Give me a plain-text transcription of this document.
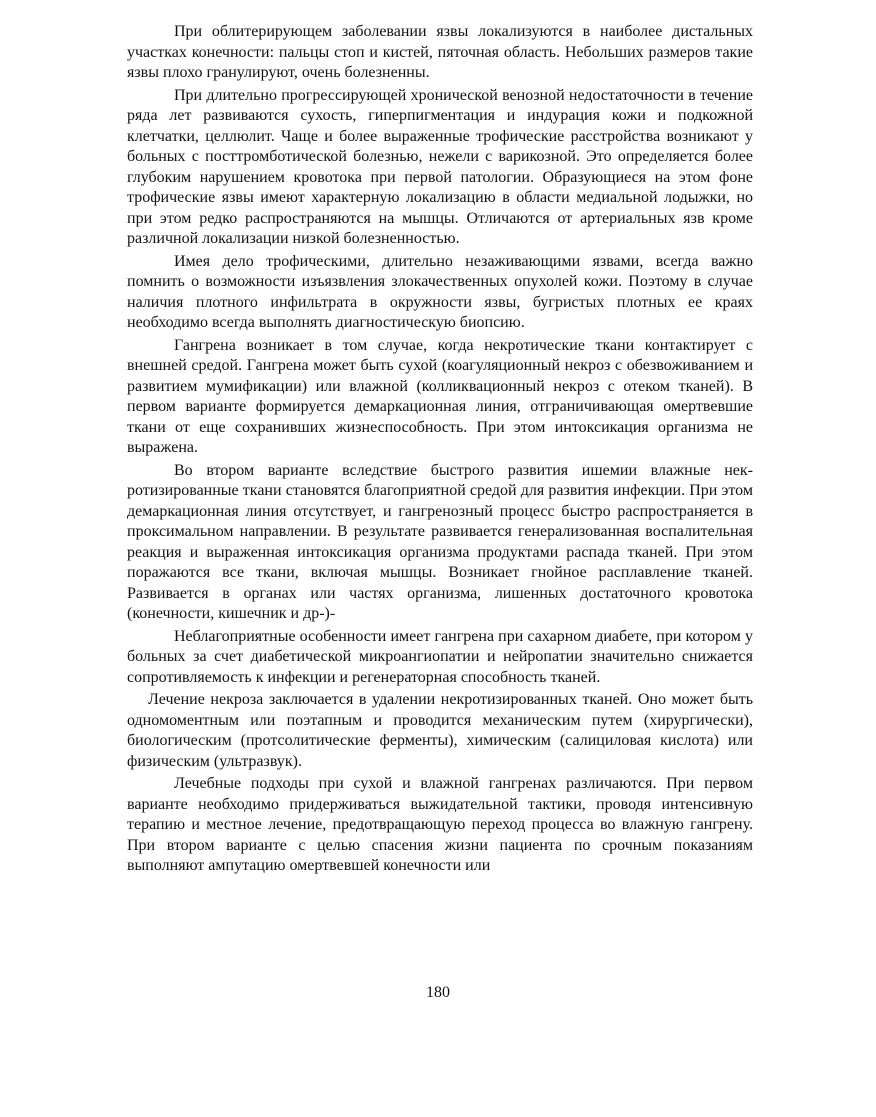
При облитерирующем заболевании язвы локализуются в наиболее дистальных участках конечности: пальцы стоп и кистей, пяточная область. Небольших размеров такие язвы плохо гранулируют, очень болезненны.

При длительно прогрессирующей хронической венозной недостаточности в течение ряда лет развиваются сухость, гиперпигментация и индурация кожи и подкожной клетчатки, целлюлит. Чаще и более выраженные трофические расстройства возникают у больных с посттромботической болезнью, нежели с варикозной. Это определяется более глубоким нарушением кровотока при первой патологии. Образующиеся на этом фоне трофические язвы имеют характерную локализацию в области медиальной лодыжки, но при этом редко распространяются на мышцы. Отличаются от артериальных язв кроме различной локализации низкой болезненностью.

Имея дело трофическими, длительно незаживающими язвами, всегда важно помнить о возможности изъязвления злокачественных опухолей кожи. Поэтому в случае наличия плотного инфильтрата в окружности язвы, бугристых плотных ее краях необходимо всегда выполнять диагностическую биопсию.

Гангрена возникает в том случае, когда некротические ткани контактирует с внешней средой. Гангрена может быть сухой (коагуляционный некроз с обезвоживанием и развитием мумификации) или влажной (колликвационный некроз с отеком тканей). В первом варианте формируется демаркационная линия, отграничивающая омертвевшие ткани от еще сохранивших жизнеспособность. При этом интоксикация организма не выражена.

Во втором варианте вследствие быстрого развития ишемии влажные некротизированные ткани становятся благоприятной средой для развития инфекции. При этом демаркационная линия отсутствует, и гангренозный процесс быстро распространяется в проксимальном направлении. В результате развивается генерализованная воспалительная реакция и выраженная интоксикация организма продуктами распада тканей. При этом поражаются все ткани, включая мышцы. Возникает гнойное расплавление тканей. Развивается в органах или частях организма, лишенных достаточного кровотока (конечности, кишечник и др-)-

Неблагоприятные особенности имеет гангрена при сахарном диабете, при котором у больных за счет диабетической микроангиопатии и нейропатии значительно снижается сопротивляемость к инфекции и регенераторная способность тканей.

Лечение некроза заключается в удалении некротизированных тканей. Оно может быть одномоментным или поэтапным и проводится механическим путем (хирургически), биологическим (протсолитические ферменты), химическим (салициловая кислота) или физическим (ультразвук).

Лечебные подходы при сухой и влажной гангренах различаются. При первом варианте необходимо придерживаться выжидательной тактики, проводя интенсивную терапию и местное лечение, предотвращающую переход процесса во влажную гангрену. При втором варианте с целью спасения жизни пациента по срочным показаниям выполняют ампутацию омертвевшей конечности или

180
